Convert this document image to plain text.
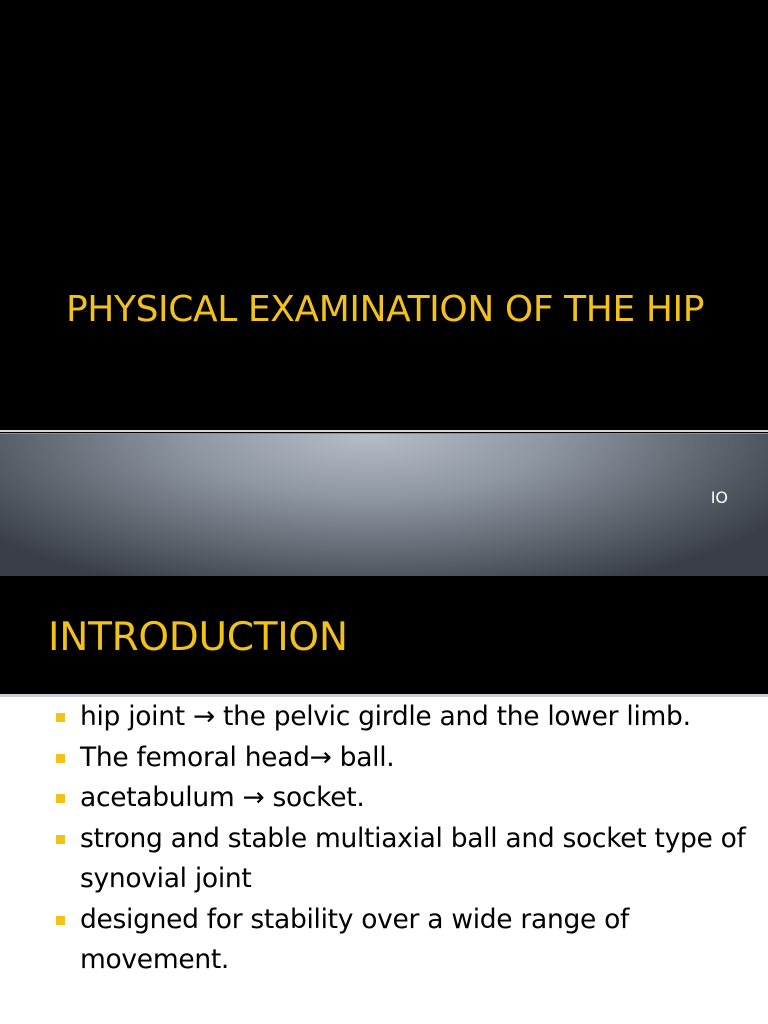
PHYSICAL EXAMINATION OF THE HIP
IO
INTRODUCTION
hip joint → the pelvic girdle and the lower limb.
The femoral head→ ball.
acetabulum → socket.
strong and stable multiaxial ball and socket type of synovial joint
designed for stability over a wide range of movement.
